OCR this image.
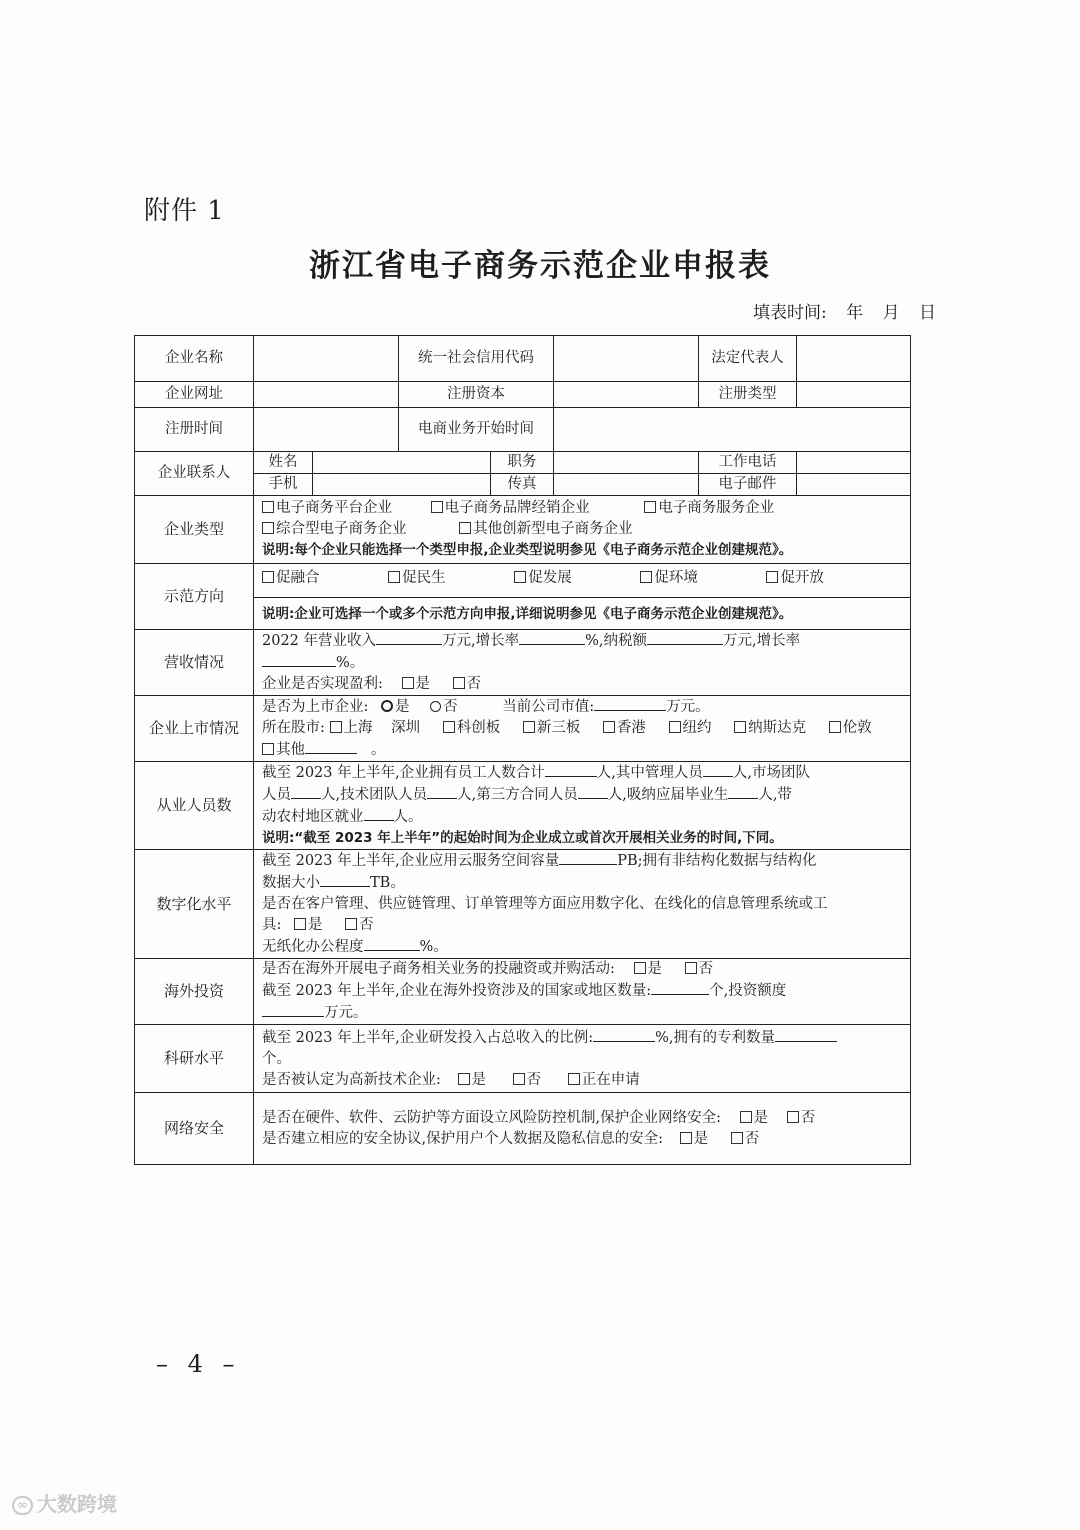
附件 1
浙江省电子商务示范企业申报表
填表时间: 年 月 日
企业名称			统一社会信用代码			法定代表人	
企业网址			注册资本			注册类型	
注册时间			电商业务开始时间				
企业联系人	姓名			职务		工作电话	
	手机			传真		电子邮件	
企业类型	电子商务平台企业 电子商务品牌经销企业 电子商务服务企业
综合型电子商务企业 其他创新型电子商务企业
说明:每个企业只能选择一个类型申报,企业类型说明参见《电子商务示范企业创建规范》。						

示范方向	促融合 促民生 促发展 促环境 促开放
说明:企业可选择一个或多个示范方向申报,详细说明参见《电子商务示范企业创建规范》。						

营收情况	2022 年营业收入 万元,增长率 %,纳税额 万元,增长率
%。
企业是否实现盈利: 是 否						

企业上市情况	是否为上市企业: 是 否 当前公司市值: 万元。
所在股市: 上海 深圳 科创板 新三板 香港 纽约 纳斯达克 伦敦
其他 。						

从业人员数	截至 2023 年上半年,企业拥有员工人数合计 人,其中管理人员 人,市场团队
人员 人,技术团队人员 人,第三方合同人员 人,吸纳应届毕业生 人,带
动农村地区就业 人。
说明:“截至 2023 年上半年”的起始时间为企业成立或首次开展相关业务的时间,下同。						

数字化水平	截至 2023 年上半年,企业应用云服务空间容量 PB;拥有非结构化数据与结构化
数据大小 TB。
是否在客户管理、供应链管理、订单管理等方面应用数字化、在线化的信息管理系统或工
具: 是 否
无纸化办公程度 %。						

海外投资	是否在海外开展电子商务相关业务的投融资或并购活动: 是 否
截至 2023 年上半年,企业在海外投资涉及的国家或地区数量: 个,投资额度
万元。						

科研水平	截至 2023 年上半年,企业研发投入占总收入的比例: %,拥有的专利数量
个。
是否被认定为高新技术企业: 是 否 正在申请						

网络安全	是否在硬件、软件、云防护等方面设立风险防控机制,保护企业网络安全: 是 否
是否建立相应的安全协议,保护用户个人数据及隐私信息的安全: 是 否						
– 4 –
∞ 大数跨境
